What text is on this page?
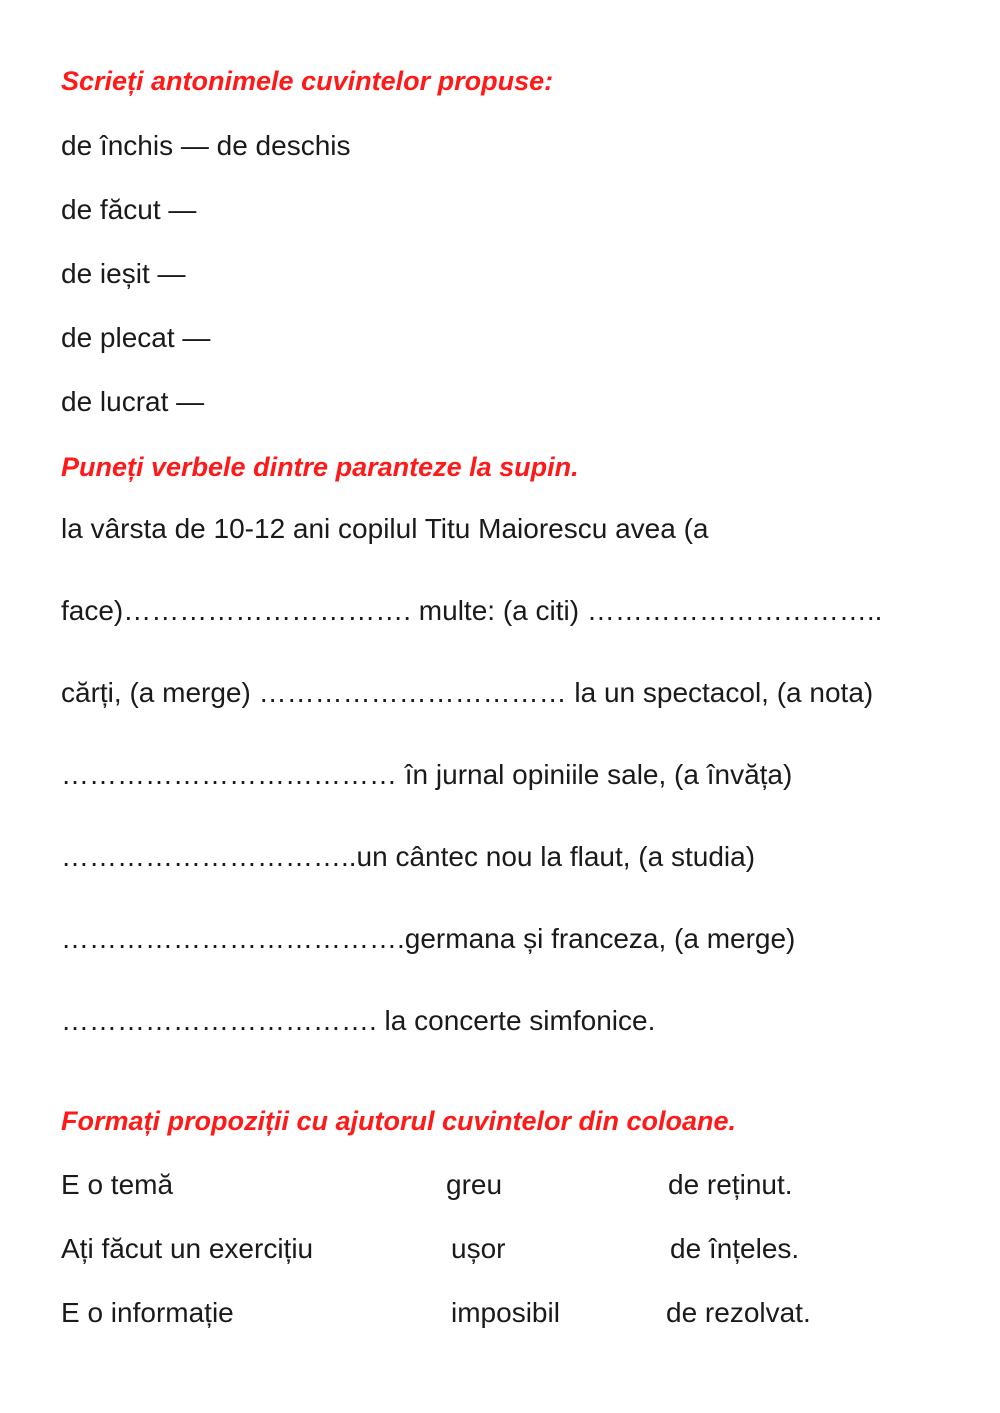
Scrieți antonimele cuvintelor propuse:
de închis — de deschis
de făcut —
de ieșit —
de plecat —
de lucrat —
Puneți verbele dintre paranteze la supin.
la vârsta de 10-12 ani copilul Titu Maiorescu avea (a
face)…………………………. multe: (a citi) …………………………..
cărți, (a merge) …………………………… la un spectacol, (a nota)
……………………………… în jurnal opiniile sale, (a învăța)
…………………………..un cântec nou la flaut, (a studia)
……………………………….germana și franceza, (a merge)
……………………………. la concerte simfonice.
Formați propoziții cu ajutorul cuvintelor din coloane.
E o temă	greu	de reținut.
Ați făcut un exercițiu	ușor	de înțeles.
E o informație	imposibil	de rezolvat.
